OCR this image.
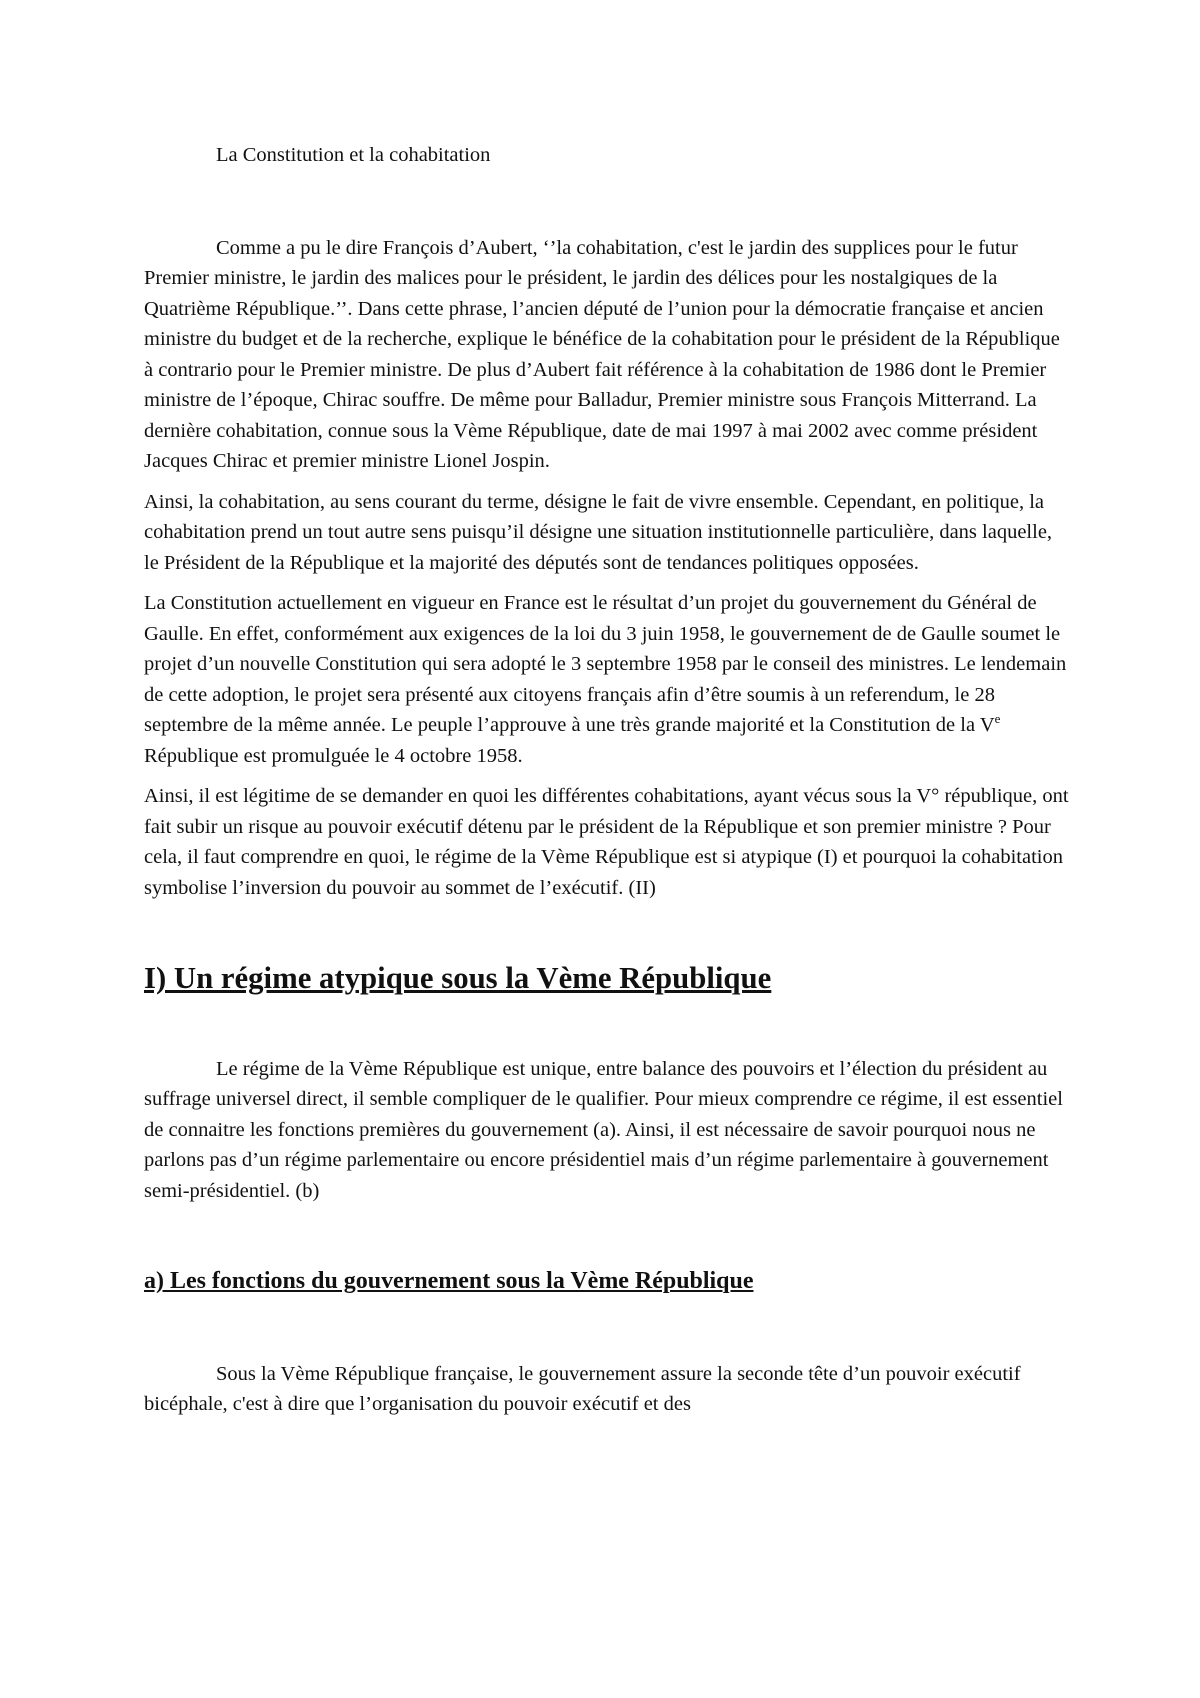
La Constitution et la cohabitation

Comme a pu le dire François d’Aubert, ‘’la cohabitation, c'est le jardin des supplices pour le futur Premier ministre, le jardin des malices pour le président, le jardin des délices pour les nostalgiques de la Quatrième République.’’. Dans cette phrase, l’ancien député de l’union pour la démocratie française et ancien ministre du budget et de la recherche, explique le bénéfice de la cohabitation pour le président de la République à contrario pour le Premier ministre. De plus d’Aubert fait référence à la cohabitation de 1986 dont le Premier ministre de l’époque, Chirac souffre. De même pour Balladur, Premier ministre sous François Mitterrand. La dernière cohabitation, connue sous la Vème République, date de mai 1997 à mai 2002 avec comme président Jacques Chirac et premier ministre Lionel Jospin.

Ainsi, la cohabitation, au sens courant du terme, désigne le fait de vivre ensemble. Cependant, en politique, la cohabitation prend un tout autre sens puisqu’il désigne une situation institutionnelle particulière, dans laquelle, le Président de la République et la majorité des députés sont de tendances politiques opposées.

La Constitution actuellement en vigueur en France est le résultat d’un projet du gouvernement du Général de Gaulle. En effet, conformément aux exigences de la loi du 3 juin 1958, le gouvernement de de Gaulle soumet le projet d’un nouvelle Constitution qui sera adopté le 3 septembre 1958 par le conseil des ministres. Le lendemain de cette adoption, le projet sera présenté aux citoyens français afin d’être soumis à un referendum, le 28 septembre de la même année. Le peuple l’approuve à une très grande majorité et la Constitution de la Ve République est promulguée le 4 octobre 1958.

Ainsi, il est légitime de se demander en quoi les différentes cohabitations, ayant vécus sous la V° république, ont fait subir un risque au pouvoir exécutif détenu par le président de la République et son premier ministre ? Pour cela, il faut comprendre en quoi, le régime de la Vème République est si atypique (I) et pourquoi la cohabitation symbolise l’inversion du pouvoir au sommet de l’exécutif. (II)

I) Un régime atypique sous la Vème République

Le régime de la Vème République est unique, entre balance des pouvoirs et l’élection du président au suffrage universel direct, il semble compliquer de le qualifier. Pour mieux comprendre ce régime, il est essentiel de connaitre les fonctions premières du gouvernement (a). Ainsi, il est nécessaire de savoir pourquoi nous ne parlons pas d’un régime parlementaire ou encore présidentiel mais d’un régime parlementaire à gouvernement semi-présidentiel. (b)

a) Les fonctions du gouvernement sous la Vème République

Sous la Vème République française, le gouvernement assure la seconde tête d’un pouvoir exécutif bicéphale, c'est à dire que l’organisation du pouvoir exécutif et des
